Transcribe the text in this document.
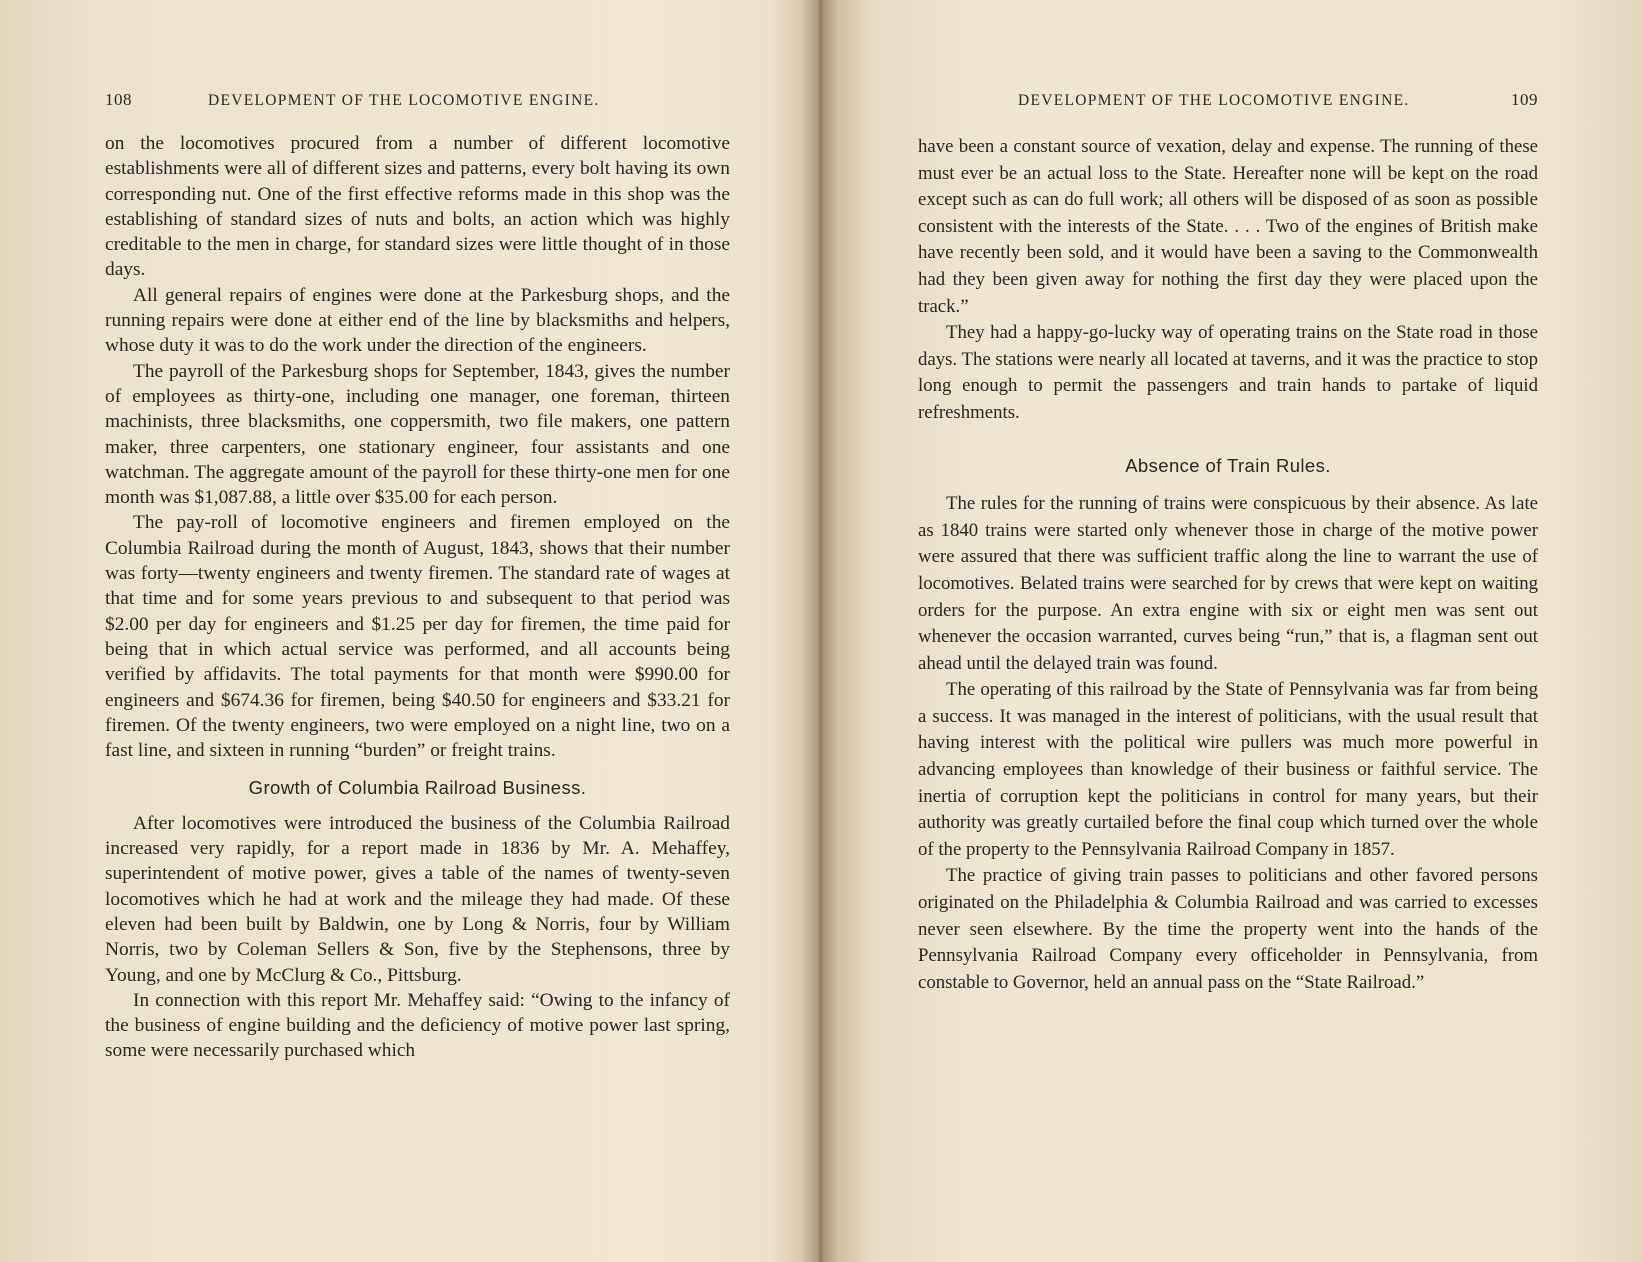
108	DEVELOPMENT OF THE LOCOMOTIVE ENGINE.

on the locomotives procured from a number of different locomotive establishments were all of different sizes and patterns, every bolt having its own corresponding nut. One of the first effective reforms made in this shop was the establishing of standard sizes of nuts and bolts, an action which was highly creditable to the men in charge, for standard sizes were little thought of in those days.

All general repairs of engines were done at the Parkesburg shops, and the running repairs were done at either end of the line by blacksmiths and helpers, whose duty it was to do the work under the direction of the engineers.

The payroll of the Parkesburg shops for September, 1843, gives the number of employees as thirty-one, including one manager, one foreman, thirteen machinists, three blacksmiths, one coppersmith, two file makers, one pattern maker, three carpenters, one stationary engineer, four assistants and one watchman. The aggregate amount of the payroll for these thirty-one men for one month was $1,087.88, a little over $35.00 for each person.

The pay-roll of locomotive engineers and firemen employed on the Columbia Railroad during the month of August, 1843, shows that their number was forty—twenty engineers and twenty firemen. The standard rate of wages at that time and for some years previous to and subsequent to that period was $2.00 per day for engineers and $1.25 per day for firemen, the time paid for being that in which actual service was performed, and all accounts being verified by affidavits. The total payments for that month were $990.00 for engineers and $674.36 for firemen, being $40.50 for engineers and $33.21 for firemen. Of the twenty engineers, two were employed on a night line, two on a fast line, and sixteen in running “burden” or freight trains.

Growth of Columbia Railroad Business.

After locomotives were introduced the business of the Columbia Railroad increased very rapidly, for a report made in 1836 by Mr. A. Mehaffey, superintendent of motive power, gives a table of the names of twenty-seven locomotives which he had at work and the mileage they had made. Of these eleven had been built by Baldwin, one by Long & Norris, four by William Norris, two by Coleman Sellers & Son, five by the Stephensons, three by Young, and one by McClurg & Co., Pittsburg.

In connection with this report Mr. Mehaffey said: “Owing to the infancy of the business of engine building and the deficiency of motive power last spring, some were necessarily purchased which

DEVELOPMENT OF THE LOCOMOTIVE ENGINE.	109

have been a constant source of vexation, delay and expense. The running of these must ever be an actual loss to the State. Hereafter none will be kept on the road except such as can do full work; all others will be disposed of as soon as possible consistent with the interests of the State. . . . Two of the engines of British make have recently been sold, and it would have been a saving to the Commonwealth had they been given away for nothing the first day they were placed upon the track.”

They had a happy-go-lucky way of operating trains on the State road in those days. The stations were nearly all located at taverns, and it was the practice to stop long enough to permit the passengers and train hands to partake of liquid refreshments.

Absence of Train Rules.

The rules for the running of trains were conspicuous by their absence. As late as 1840 trains were started only whenever those in charge of the motive power were assured that there was sufficient traffic along the line to warrant the use of locomotives. Belated trains were searched for by crews that were kept on waiting orders for the purpose. An extra engine with six or eight men was sent out whenever the occasion warranted, curves being “run,” that is, a flagman sent out ahead until the delayed train was found.

The operating of this railroad by the State of Pennsylvania was far from being a success. It was managed in the interest of politicians, with the usual result that having interest with the political wire pullers was much more powerful in advancing employees than knowledge of their business or faithful service. The inertia of corruption kept the politicians in control for many years, but their authority was greatly curtailed before the final coup which turned over the whole of the property to the Pennsylvania Railroad Company in 1857.

The practice of giving train passes to politicians and other favored persons originated on the Philadelphia & Columbia Railroad and was carried to excesses never seen elsewhere. By the time the property went into the hands of the Pennsylvania Railroad Company every officeholder in Pennsylvania, from constable to Governor, held an annual pass on the “State Railroad.”
